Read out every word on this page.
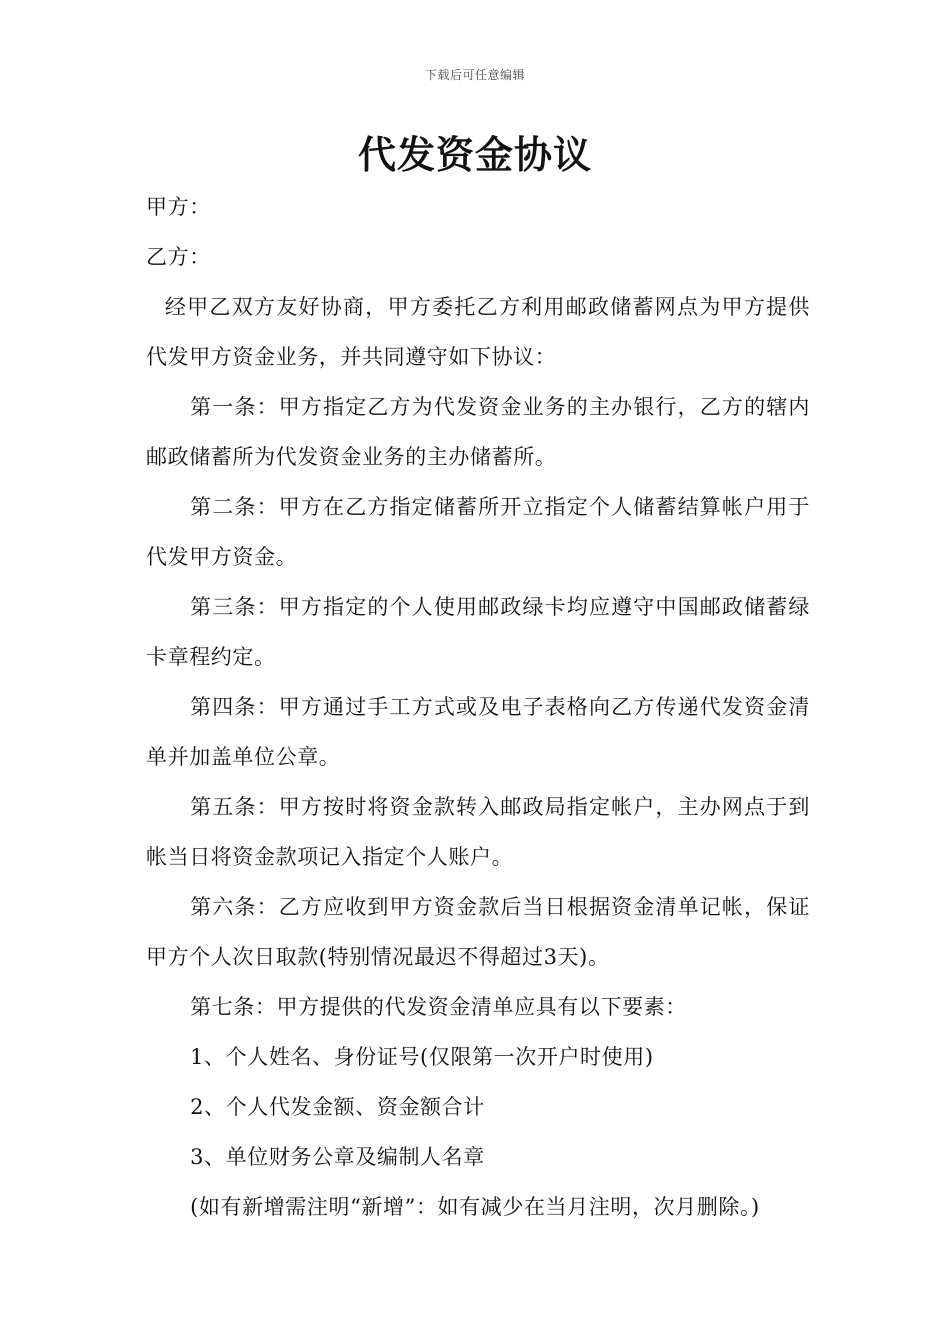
下载后可任意编辑
代发资金协议

甲方：

乙方：

经甲乙双方友好协商，甲方委托乙方利用邮政储蓄网点为甲方提供代发甲方资金业务，并共同遵守如下协议：

第一条：甲方指定乙方为代发资金业务的主办银行，乙方的辖内邮政储蓄所为代发资金业务的主办储蓄所。

第二条：甲方在乙方指定储蓄所开立指定个人储蓄结算帐户用于代发甲方资金。

第三条：甲方指定的个人使用邮政绿卡均应遵守中国邮政储蓄绿卡章程约定。

第四条：甲方通过手工方式或及电子表格向乙方传递代发资金清单并加盖单位公章。

第五条：甲方按时将资金款转入邮政局指定帐户，主办网点于到帐当日将资金款项记入指定个人账户。

第六条：乙方应收到甲方资金款后当日根据资金清单记帐，保证甲方个人次日取款(特别情况最迟不得超过3天)。

第七条：甲方提供的代发资金清单应具有以下要素：

1、个人姓名、身份证号(仅限第一次开户时使用)

2、个人代发金额、资金额合计

3、单位财务公章及编制人名章

(如有新增需注明“新增”：如有减少在当月注明，次月删除。)
